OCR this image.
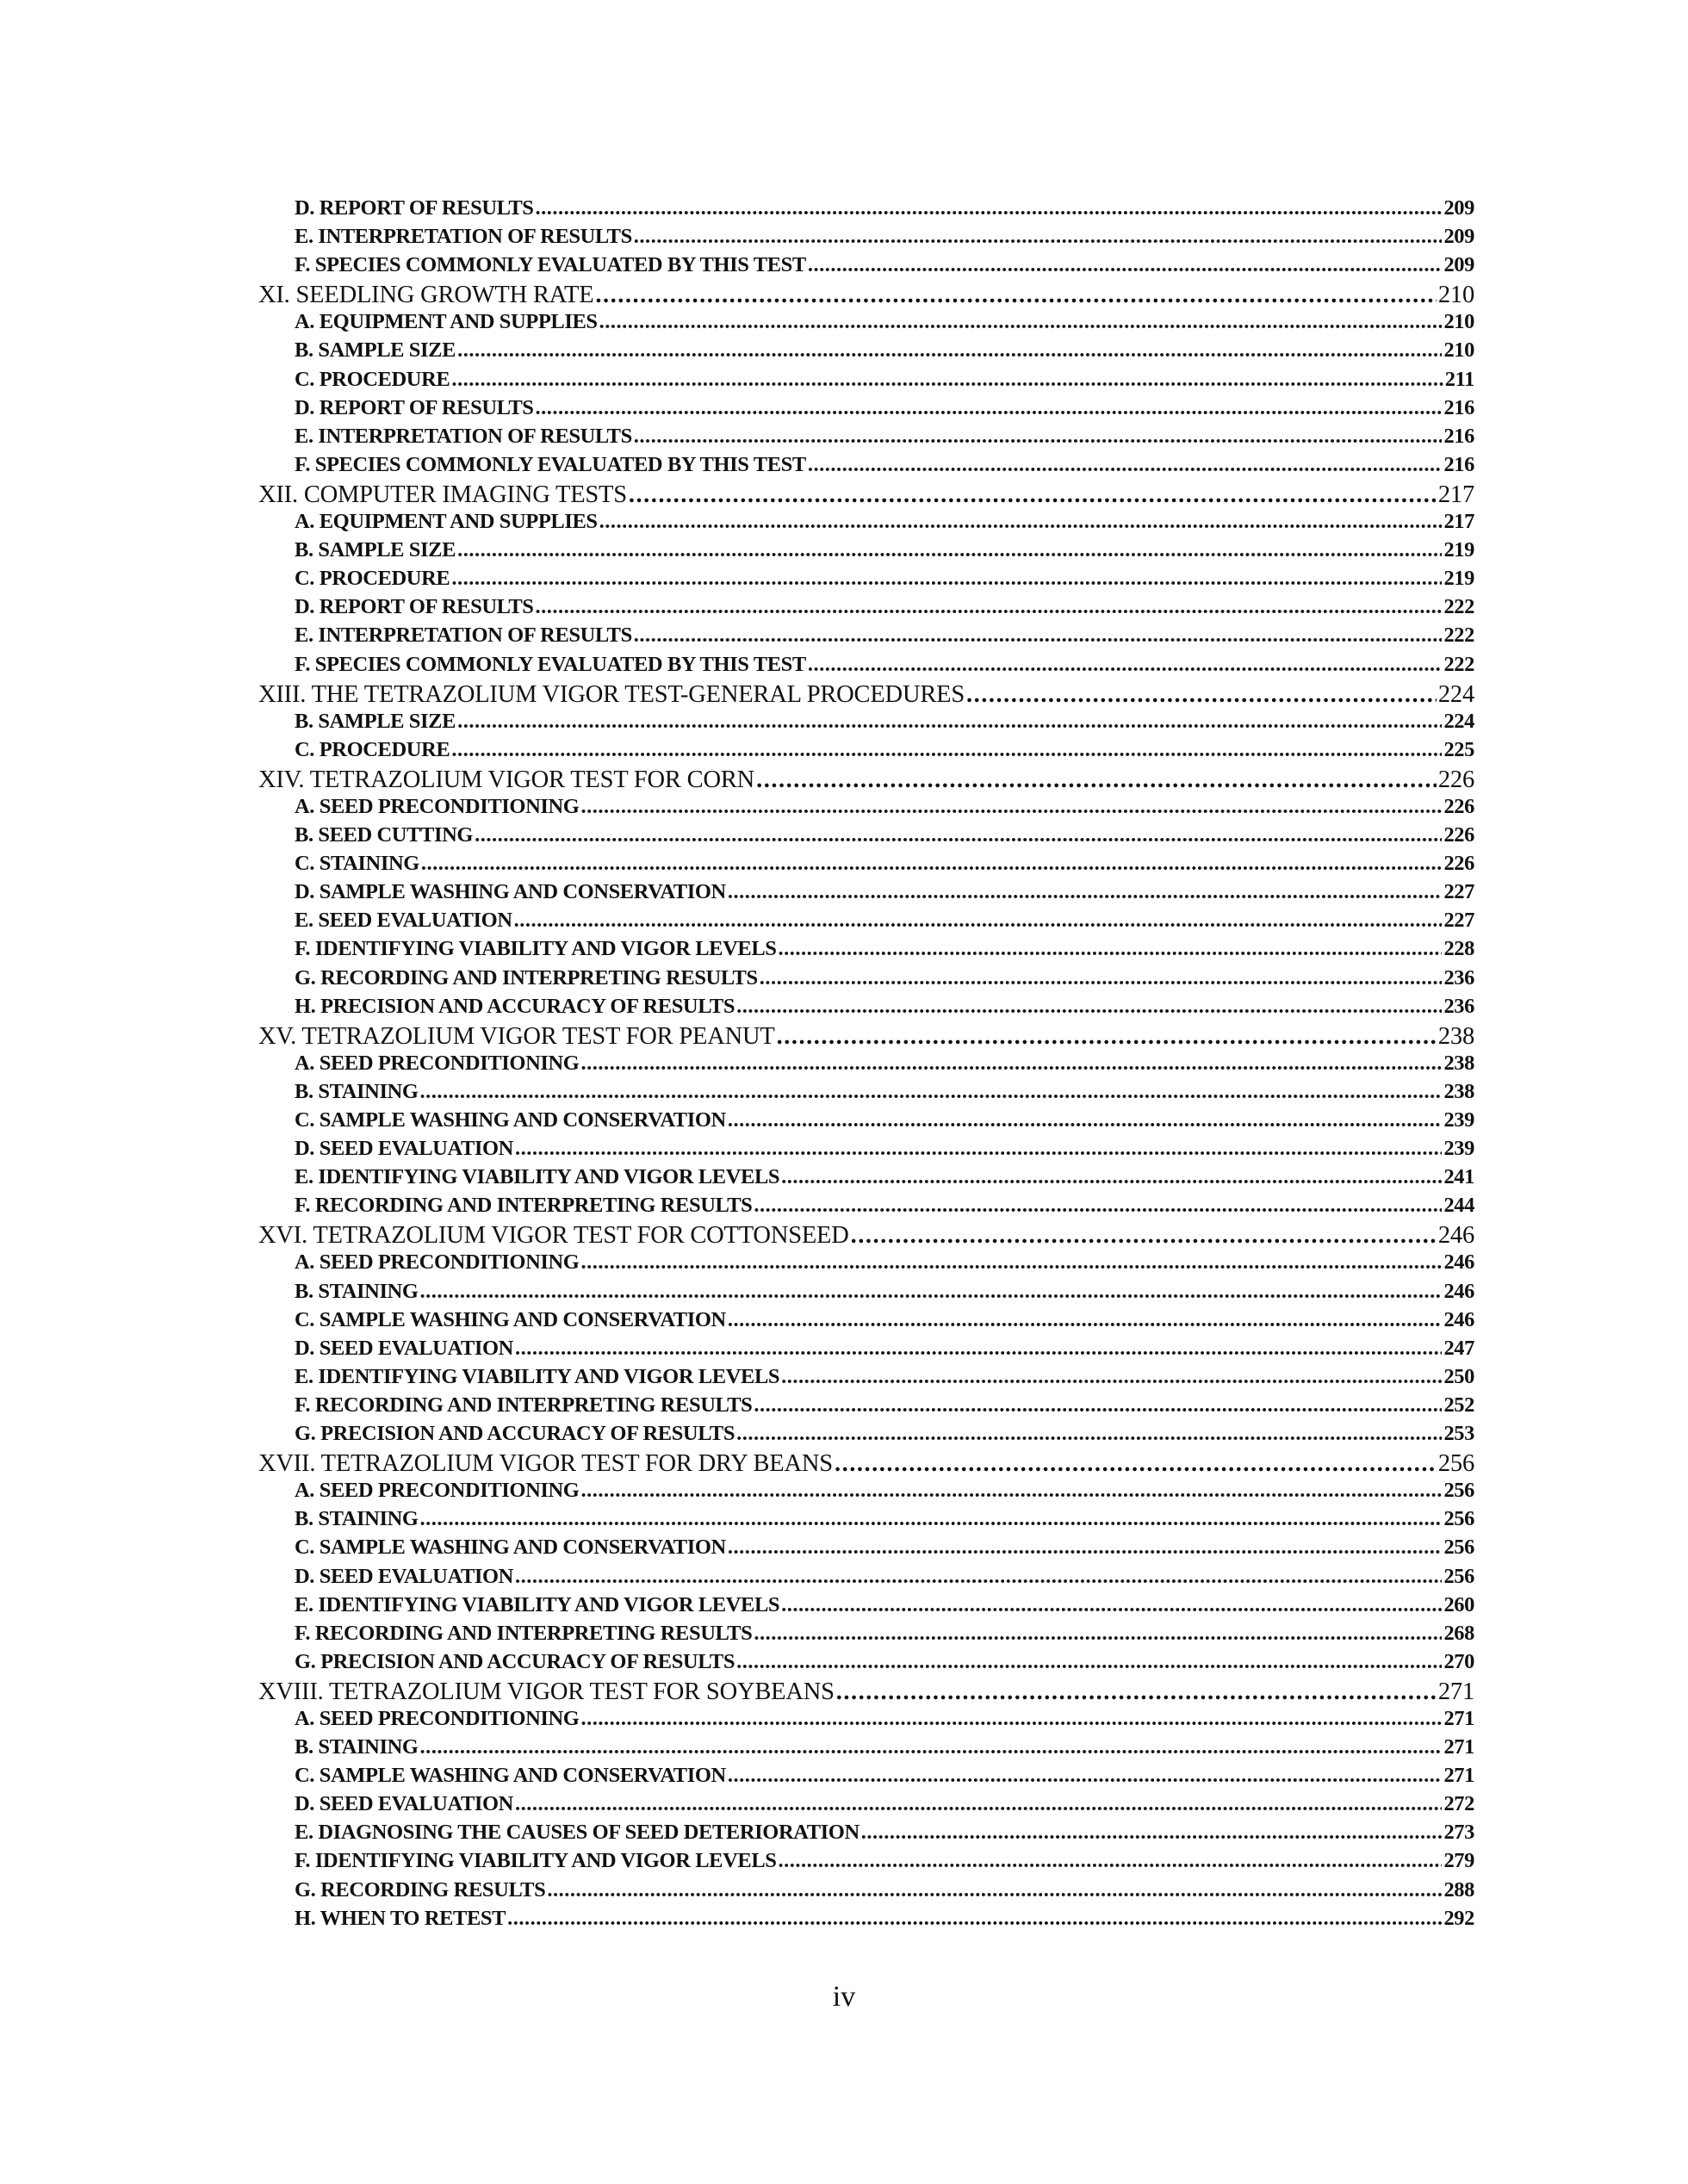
D. REPORT OF RESULTS .....	209
E. INTERPRETATION OF RESULTS .....	209
F. SPECIES COMMONLY EVALUATED BY THIS TEST .....	209
XI. SEEDLING GROWTH RATE .....	210
A. EQUIPMENT AND SUPPLIES .....	210
B. SAMPLE SIZE .....	210
C. PROCEDURE .....	211
D. REPORT OF RESULTS .....	216
E. INTERPRETATION OF RESULTS .....	216
F. SPECIES COMMONLY EVALUATED BY THIS TEST .....	216
XII. COMPUTER IMAGING TESTS .....	217
A. EQUIPMENT AND SUPPLIES .....	217
B. SAMPLE SIZE .....	219
C. PROCEDURE .....	219
D. REPORT OF RESULTS .....	222
E. INTERPRETATION OF RESULTS .....	222
F. SPECIES COMMONLY EVALUATED BY THIS TEST .....	222
XIII. THE TETRAZOLIUM VIGOR TEST-GENERAL PROCEDURES .....	224
B. SAMPLE SIZE .....	224
C. PROCEDURE .....	225
XIV. TETRAZOLIUM VIGOR TEST FOR CORN .....	226
A. SEED PRECONDITIONING .....	226
B. SEED CUTTING .....	226
C. STAINING .....	226
D. SAMPLE WASHING AND CONSERVATION .....	227
E. SEED EVALUATION .....	227
F. IDENTIFYING VIABILITY AND VIGOR LEVELS .....	228
G. RECORDING AND INTERPRETING RESULTS .....	236
H. PRECISION AND ACCURACY OF RESULTS .....	236
XV. TETRAZOLIUM VIGOR TEST FOR PEANUT .....	238
A. SEED PRECONDITIONING .....	238
B. STAINING .....	238
C. SAMPLE WASHING AND CONSERVATION .....	239
D. SEED EVALUATION .....	239
E. IDENTIFYING VIABILITY AND VIGOR LEVELS .....	241
F. RECORDING AND INTERPRETING RESULTS .....	244
XVI. TETRAZOLIUM VIGOR TEST FOR COTTONSEED .....	246
A. SEED PRECONDITIONING .....	246
B. STAINING .....	246
C. SAMPLE WASHING AND CONSERVATION .....	246
D. SEED EVALUATION .....	247
E. IDENTIFYING VIABILITY AND VIGOR LEVELS .....	250
F. RECORDING AND INTERPRETING RESULTS .....	252
G. PRECISION AND ACCURACY OF RESULTS .....	253
XVII. TETRAZOLIUM VIGOR TEST FOR DRY BEANS .....	256
A. SEED PRECONDITIONING .....	256
B. STAINING .....	256
C. SAMPLE WASHING AND CONSERVATION .....	256
D. SEED EVALUATION .....	256
E. IDENTIFYING VIABILITY AND VIGOR LEVELS .....	260
F. RECORDING AND INTERPRETING RESULTS .....	268
G. PRECISION AND ACCURACY OF RESULTS .....	270
XVIII. TETRAZOLIUM VIGOR TEST FOR SOYBEANS .....	271
A. SEED PRECONDITIONING .....	271
B. STAINING .....	271
C. SAMPLE WASHING AND CONSERVATION .....	271
D. SEED EVALUATION .....	272
E. DIAGNOSING THE CAUSES OF SEED DETERIORATION .....	273
F. IDENTIFYING VIABILITY AND VIGOR LEVELS .....	279
G. RECORDING RESULTS .....	288
H. WHEN TO RETEST .....	292
iv
